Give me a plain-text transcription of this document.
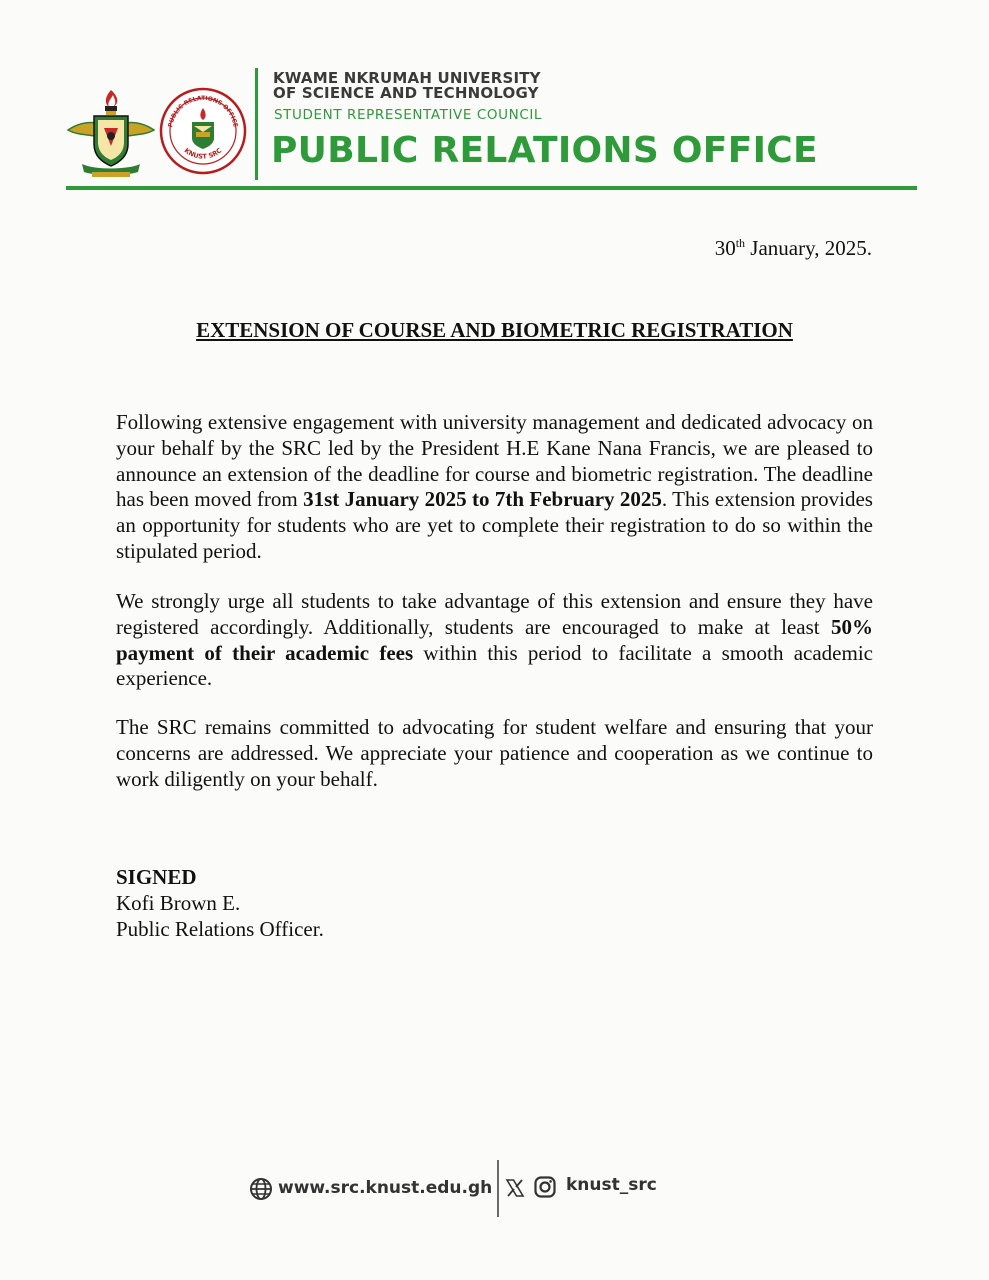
PUBLIC RELATIONS OFFICE
KNUST SRC
KWAME NKRUMAH UNIVERSITY
OF SCIENCE AND TECHNOLOGY
STUDENT REPRESENTATIVE COUNCIL
PUBLIC RELATIONS OFFICE
30th January, 2025.
EXTENSION OF COURSE AND BIOMETRIC REGISTRATION

Following extensive engagement with university management and dedicated advocacy on your behalf by the SRC led by the President H.E Kane Nana Francis, we are pleased to announce an extension of the deadline for course and biometric registration. The deadline has been moved from 31st January 2025 to 7th February 2025. This extension provides an opportunity for students who are yet to complete their registration to do so within the stipulated period.

We strongly urge all students to take advantage of this extension and ensure they have registered accordingly. Additionally, students are encouraged to make at least 50% payment of their academic fees within this period to facilitate a smooth academic experience.

The SRC remains committed to advocating for student welfare and ensuring that your concerns are addressed. We appreciate your patience and cooperation as we continue to work diligently on your behalf.

SIGNED
Kofi Brown E.
Public Relations Officer.
www.src.knust.edu.gh	knust_src
